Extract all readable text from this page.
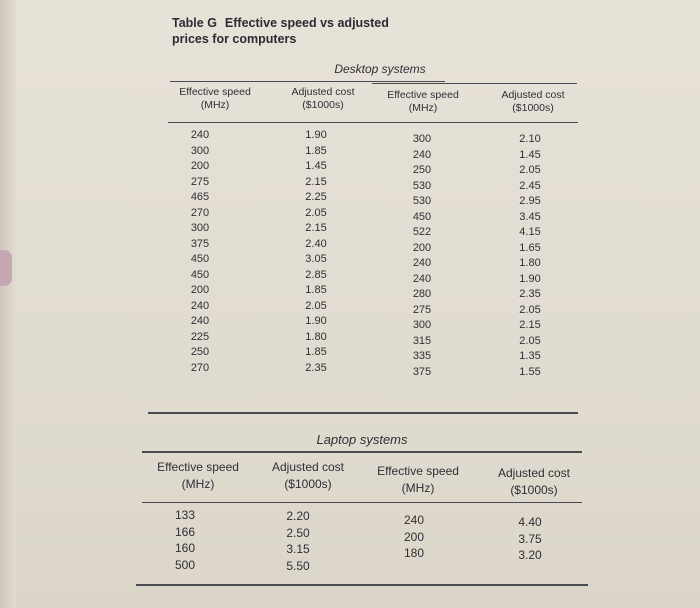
Table G Effective speed vs adjusted
prices for computers
Desktop systems
Effective speed
(MHz)
Adjusted cost
($1000s)
Effective speed
(MHz)
Adjusted cost
($1000s)
240
300
200
275
465
270
300
375
450
450
200
240
240
225
250
270
1.90
1.85
1.45
2.15
2.25
2.05
2.15
2.40
3.05
2.85
1.85
2.05
1.90
1.80
1.85
2.35
300
240
250
530
530
450
522
200
240
240
280
275
300
315
335
375
2.10
1.45
2.05
2.45
2.95
3.45
4.15
1.65
1.80
1.90
2.35
2.05
2.15
2.05
1.35
1.55
Laptop systems
Effective speed
(MHz)
Adjusted cost
($1000s)
Effective speed
(MHz)
Adjusted cost
($1000s)
133
166
160
500
2.20
2.50
3.15
5.50
240
200
180
4.40
3.75
3.20
